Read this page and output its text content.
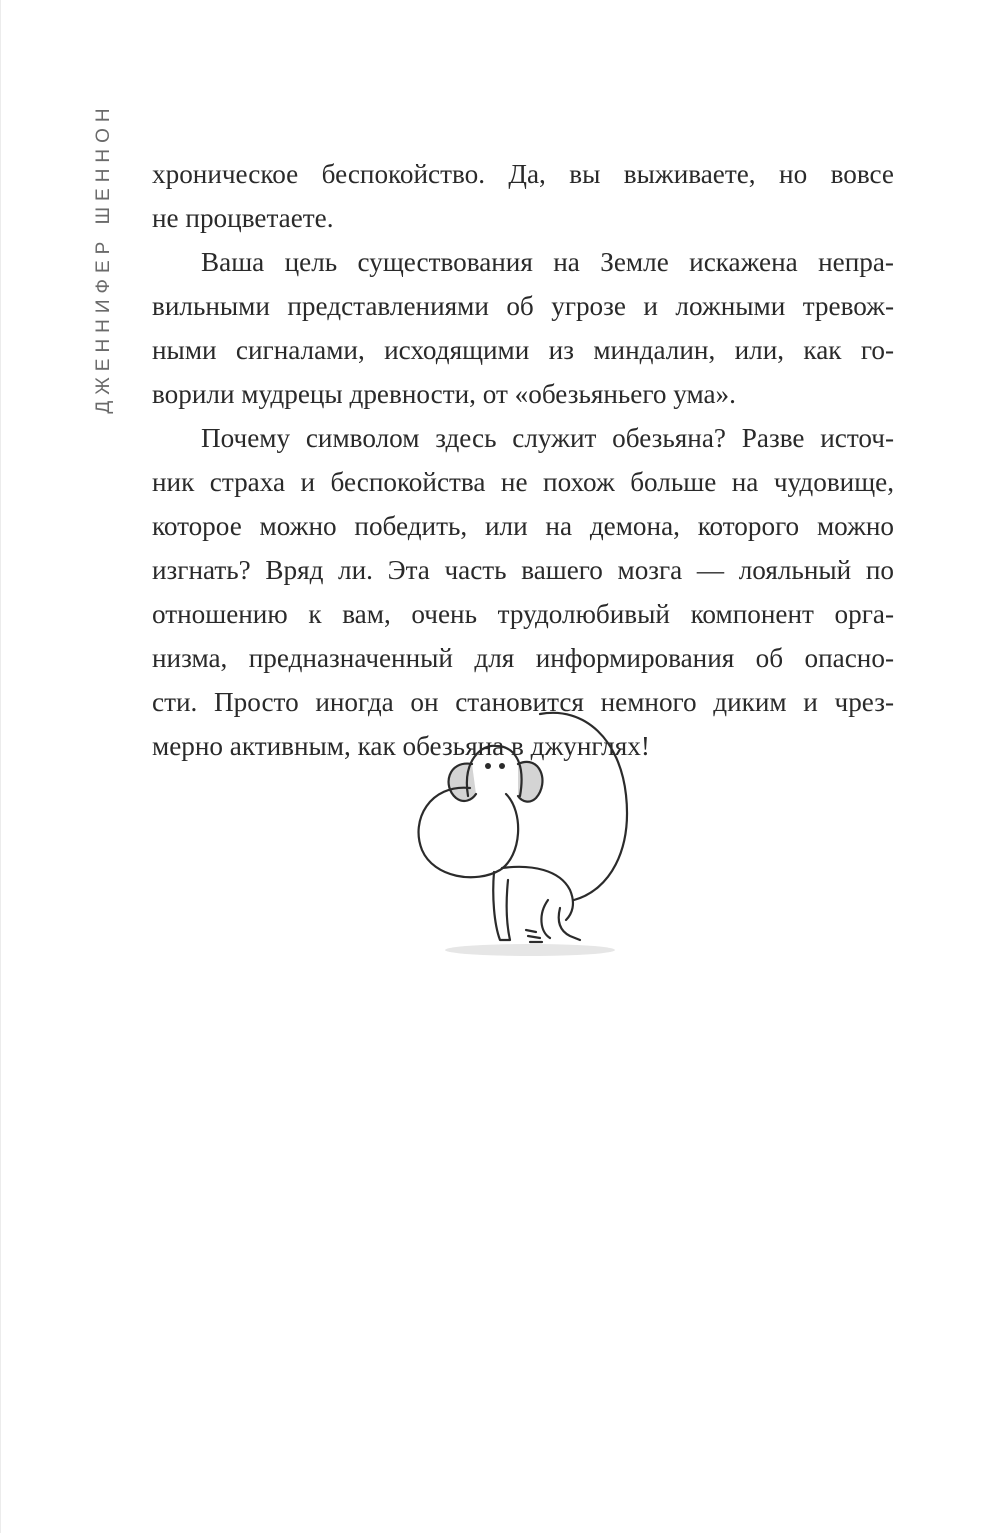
ДЖЕННИФЕР ШЕННОН хроническое беспокойство. Да, вы выживаете, но вовсе
не процветаете.
Ваша цель существования на Земле искажена непра-
вильными представлениями об угрозе и ложными тревож-
ными сигналами, исходящими из миндалин, или, как го-
ворили мудрецы древности, от «обезьяньего ума».
Почему символом здесь служит обезьяна? Разве источ-
ник страха и беспокойства не похож больше на чудовище,
которое можно победить, или на демона, которого можно
изгнать? Вряд ли. Эта часть вашего мозга — лояльный по
отношению к вам, очень трудолюбивый компонент орга-
низма, предназначенный для информирования об опасно-
сти. Просто иногда он становится немного диким и чрез-
мерно активным, как обезьяна в джунглях!
